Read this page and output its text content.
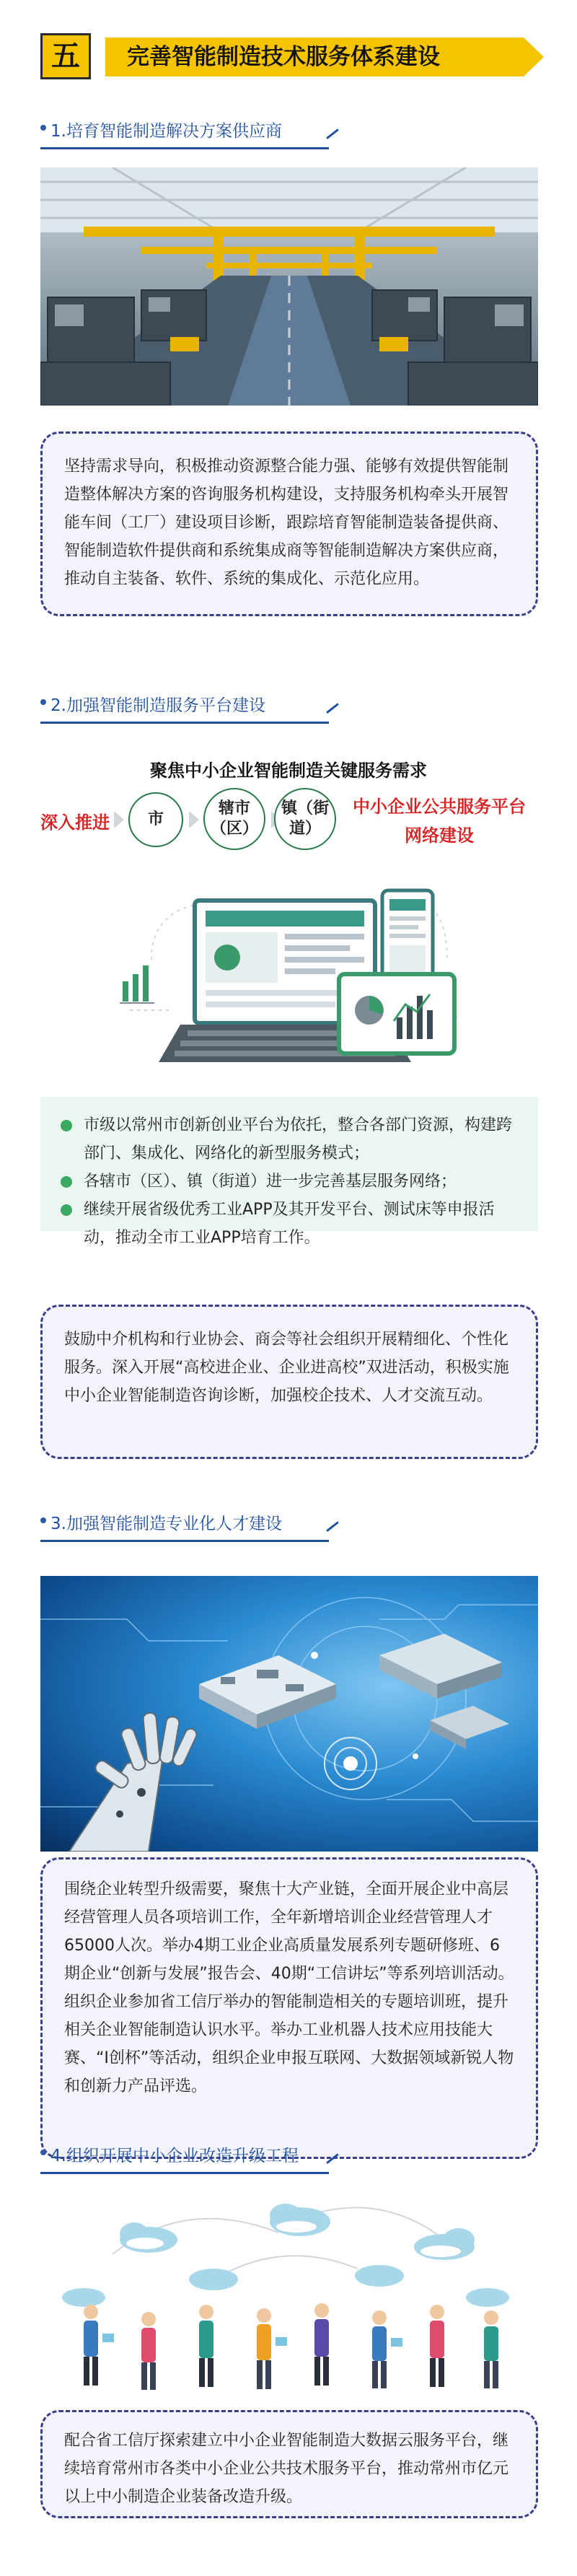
五	完善智能制造技术服务体系建设
1.培育智能制造解决方案供应商
坚持需求导向，积极推动资源整合能力强、能够有效提供智能制造整体解决方案的咨询服务机构建设，支持服务机构牵头开展智能车间（工厂）建设项目诊断，跟踪培育智能制造装备提供商、智能制造软件提供商和系统集成商等智能制造解决方案供应商，推动自主装备、软件、系统的集成化、示范化应用。
2.加强智能制造服务平台建设
聚焦中小企业智能制造关键服务需求
深入推进	市
辖市（区）
镇（街道）
中小企业公共服务平台
网络建设
市级以常州市创新创业平台为依托，整合各部门资源，构建跨部门、集成化、网络化的新型服务模式；
各辖市（区）、镇（街道）进一步完善基层服务网络；
继续开展省级优秀工业APP及其开发平台、测试床等申报活动，推动全市工业APP培育工作。
鼓励中介机构和行业协会、商会等社会组织开展精细化、个性化服务。深入开展“高校进企业、企业进高校”双进活动，积极实施中小企业智能制造咨询诊断，加强校企技术、人才交流互动。
3.加强智能制造专业化人才建设
围绕企业转型升级需要，聚焦十大产业链，全面开展企业中高层经营管理人员各项培训工作，全年新增培训企业经营管理人才65000人次。举办4期工业企业高质量发展系列专题研修班、6期企业“创新与发展”报告会、40期“工信讲坛”等系列培训活动。组织企业参加省工信厅举办的智能制造相关的专题培训班，提升相关企业智能制造认识水平。举办工业机器人技术应用技能大赛、“I创杯”等活动，组织企业申报互联网、大数据领域新锐人物和创新力产品评选。
4.组织开展中小企业改造升级工程
配合省工信厅探索建立中小企业智能制造大数据云服务平台，继续培育常州市各类中小企业公共技术服务平台，推动常州市亿元以上中小制造企业装备改造升级。
